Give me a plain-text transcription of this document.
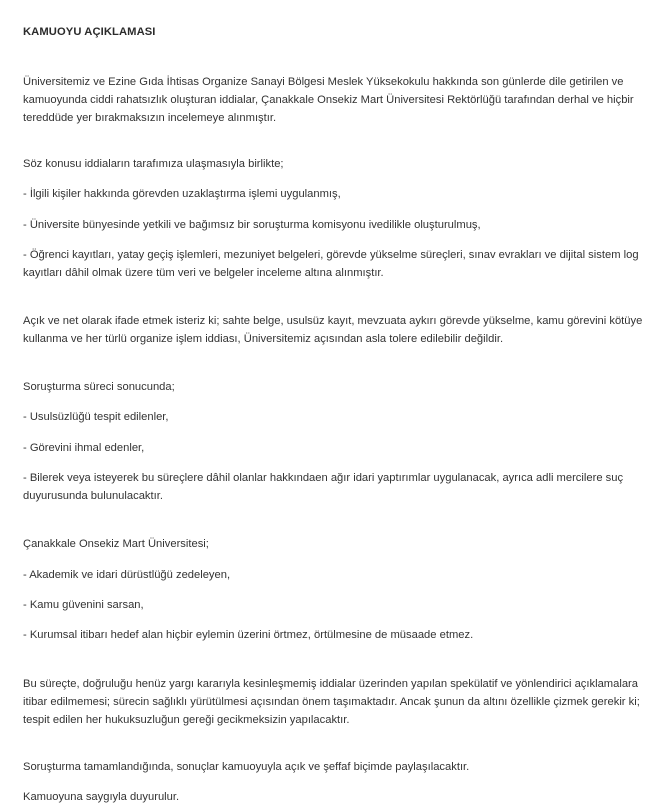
KAMUOYU AÇIKLAMASI

Üniversitemiz ve Ezine Gıda İhtisas Organize Sanayi Bölgesi Meslek Yüksekokulu hakkında son günlerde dile getirilen ve kamuoyunda ciddi rahatsızlık oluşturan iddialar, Çanakkale Onsekiz Mart Üniversitesi Rektörlüğü tarafından derhal ve hiçbir tereddüde yer bırakmaksızın incelemeye alınmıştır.

Söz konusu iddiaların tarafımıza ulaşmasıyla birlikte;

- İlgili kişiler hakkında görevden uzaklaştırma işlemi uygulanmış,

- Üniversite bünyesinde yetkili ve bağımsız bir soruşturma komisyonu ivedilikle oluşturulmuş,

- Öğrenci kayıtları, yatay geçiş işlemleri, mezuniyet belgeleri, görevde yükselme süreçleri, sınav evrakları ve dijital sistem log kayıtları dâhil olmak üzere tüm veri ve belgeler inceleme altına alınmıştır.

Açık ve net olarak ifade etmek isteriz ki; sahte belge, usulsüz kayıt, mevzuata aykırı görevde yükselme, kamu görevini kötüye kullanma ve her türlü organize işlem iddiası, Üniversitemiz açısından asla tolere edilebilir değildir.

Soruşturma süreci sonucunda;

- Usulsüzlüğü tespit edilenler,

- Görevini ihmal edenler,

- Bilerek veya isteyerek bu süreçlere dâhil olanlar hakkındaen ağır idari yaptırımlar uygulanacak, ayrıca adli mercilere suç duyurusunda bulunulacaktır.

Çanakkale Onsekiz Mart Üniversitesi;

- Akademik ve idari dürüstlüğü zedeleyen,

- Kamu güvenini sarsan,

- Kurumsal itibarı hedef alan hiçbir eylemin üzerini örtmez, örtülmesine de müsaade etmez.

Bu süreçte, doğruluğu henüz yargı kararıyla kesinleşmemiş iddialar üzerinden yapılan spekülatif ve yönlendirici açıklamalara itibar edilmemesi; sürecin sağlıklı yürütülmesi açısından önem taşımaktadır. Ancak şunun da altını özellikle çizmek gerekir ki; tespit edilen her hukuksuzluğun gereği gecikmeksizin yapılacaktır.

Soruşturma tamamlandığında, sonuçlar kamuoyuyla açık ve şeffaf biçimde paylaşılacaktır.

Kamuoyuna saygıyla duyurulur.
